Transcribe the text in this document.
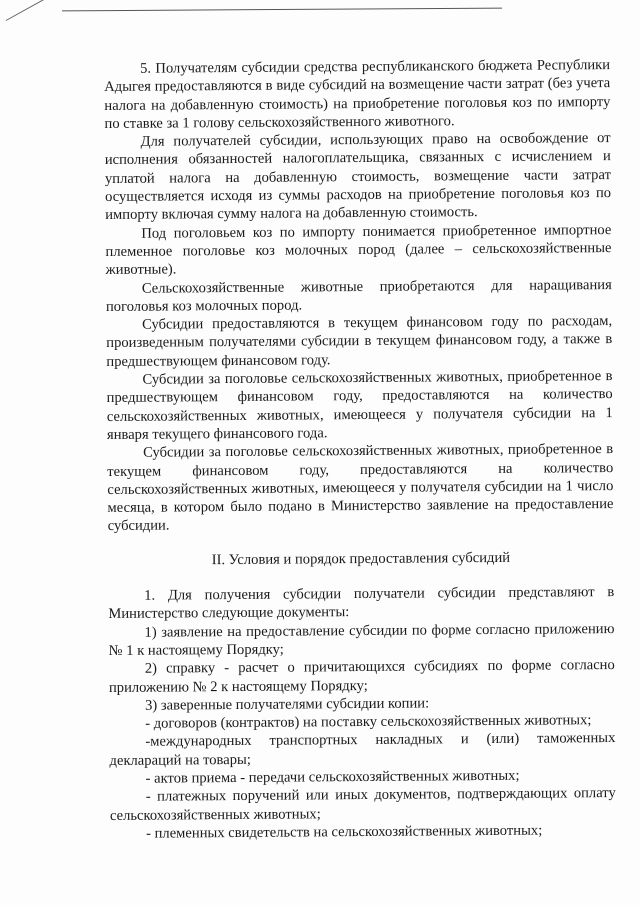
5. Получателям субсидии средства республиканского бюджета Республики Адыгея предоставляются в виде субсидий на возмещение части затрат (без учета налога на добавленную стоимость) на приобретение поголовья коз по импорту по ставке за 1 голову сельскохозяйственного животного.

Для получателей субсидии, использующих право на освобождение от исполнения обязанностей налогоплательщика, связанных с исчислением и уплатой налога на добавленную стоимость, возмещение части затрат осуществляется исходя из суммы расходов на приобретение поголовья коз по импорту включая сумму налога на добавленную стоимость.

Под поголовьем коз по импорту понимается приобретенное импортное племенное поголовье коз молочных пород (далее – сельскохозяйственные животные).

Сельскохозяйственные животные приобретаются для наращивания поголовья коз молочных пород.

Субсидии предоставляются в текущем финансовом году по расходам, произведенным получателями субсидии в текущем финансовом году, а также в предшествующем финансовом году.

Субсидии за поголовье сельскохозяйственных животных, приобретенное в предшествующем финансовом году, предоставляются на количество сельскохозяйственных животных, имеющееся у получателя субсидии на 1 января текущего финансового года.

Субсидии за поголовье сельскохозяйственных животных, приобретенное в текущем финансовом году, предоставляются на количество сельскохозяйственных животных, имеющееся у получателя субсидии на 1 число месяца, в котором было подано в Министерство заявление на предоставление субсидии.

II. Условия и порядок предоставления субсидий

1. Для получения субсидии получатели субсидии представляют в Министерство следующие документы:

1) заявление на предоставление субсидии по форме согласно приложению № 1 к настоящему Порядку;

2) справку - расчет о причитающихся субсидиях по форме согласно приложению № 2 к настоящему Порядку;

3) заверенные получателями субсидии копии:

- договоров (контрактов) на поставку сельскохозяйственных животных;

-международных транспортных накладных и (или) таможенных деклараций на товары;

- актов приема - передачи сельскохозяйственных животных;

- платежных поручений или иных документов, подтверждающих оплату сельскохозяйственных животных;

- племенных свидетельств на сельскохозяйственных животных;
